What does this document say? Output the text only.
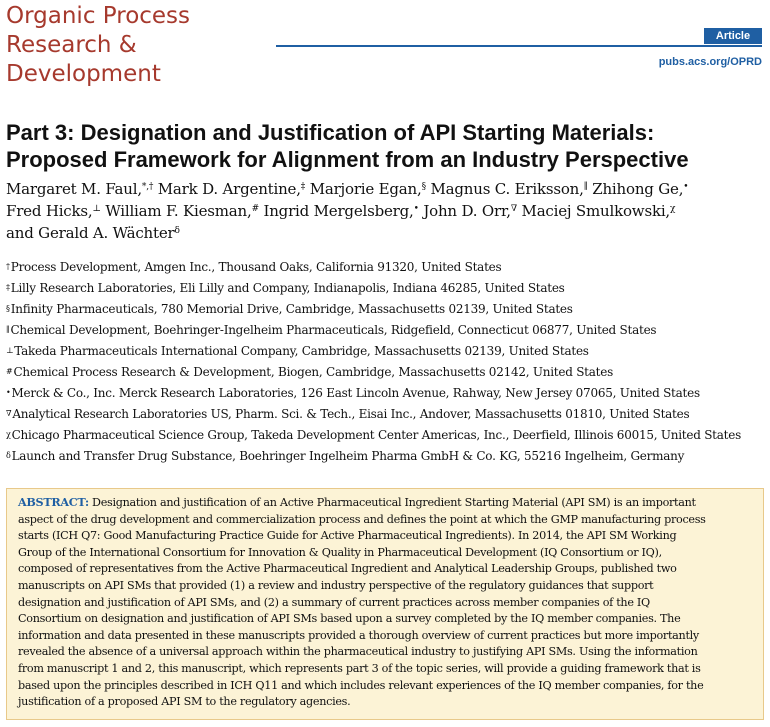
Organic Process
Research &
Development
Article
pubs.acs.org/OPRD
Part 3: Designation and Justification of API Starting Materials:
Proposed Framework for Alignment from an Industry Perspective
Margaret M. Faul,*,† Mark D. Argentine,‡ Marjorie Egan,§ Magnus C. Eriksson,∥ Zhihong Ge,•
Fred Hicks,⊥ William F. Kiesman,# Ingrid Mergelsberg,• John D. Orr,∇ Maciej Smulkowski,$^\chi$
and Gerald A. Wächter$^\delta$
†Process Development, Amgen Inc., Thousand Oaks, California 91320, United States
‡Lilly Research Laboratories, Eli Lilly and Company, Indianapolis, Indiana 46285, United States
§Infinity Pharmaceuticals, 780 Memorial Drive, Cambridge, Massachusetts 02139, United States
∥Chemical Development, Boehringer-Ingelheim Pharmaceuticals, Ridgefield, Connecticut 06877, United States
⊥Takeda Pharmaceuticals International Company, Cambridge, Massachusetts 02139, United States
#Chemical Process Research & Development, Biogen, Cambridge, Massachusetts 02142, United States
•Merck & Co., Inc. Merck Research Laboratories, 126 East Lincoln Avenue, Rahway, New Jersey 07065, United States
∇Analytical Research Laboratories US, Pharm. Sci. & Tech., Eisai Inc., Andover, Massachusetts 01810, United States
$^\chi$Chicago Pharmaceutical Science Group, Takeda Development Center Americas, Inc., Deerfield, Illinois 60015, United States
$^\delta$Launch and Transfer Drug Substance, Boehringer Ingelheim Pharma GmbH & Co. KG, 55216 Ingelheim, Germany
ABSTRACT: Designation and justification of an Active Pharmaceutical Ingredient Starting Material (API SM) is an important
aspect of the drug development and commercialization process and defines the point at which the GMP manufacturing process
starts (ICH Q7: Good Manufacturing Practice Guide for Active Pharmaceutical Ingredients). In 2014, the API SM Working
Group of the International Consortium for Innovation & Quality in Pharmaceutical Development (IQ Consortium or IQ),
composed of representatives from the Active Pharmaceutical Ingredient and Analytical Leadership Groups, published two
manuscripts on API SMs that provided (1) a review and industry perspective of the regulatory guidances that support
designation and justification of API SMs, and (2) a summary of current practices across member companies of the IQ
Consortium on designation and justification of API SMs based upon a survey completed by the IQ member companies. The
information and data presented in these manuscripts provided a thorough overview of current practices but more importantly
revealed the absence of a universal approach within the pharmaceutical industry to justifying API SMs. Using the information
from manuscript 1 and 2, this manuscript, which represents part 3 of the topic series, will provide a guiding framework that is
based upon the principles described in ICH Q11 and which includes relevant experiences of the IQ member companies, for the
justification of a proposed API SM to the regulatory agencies.
